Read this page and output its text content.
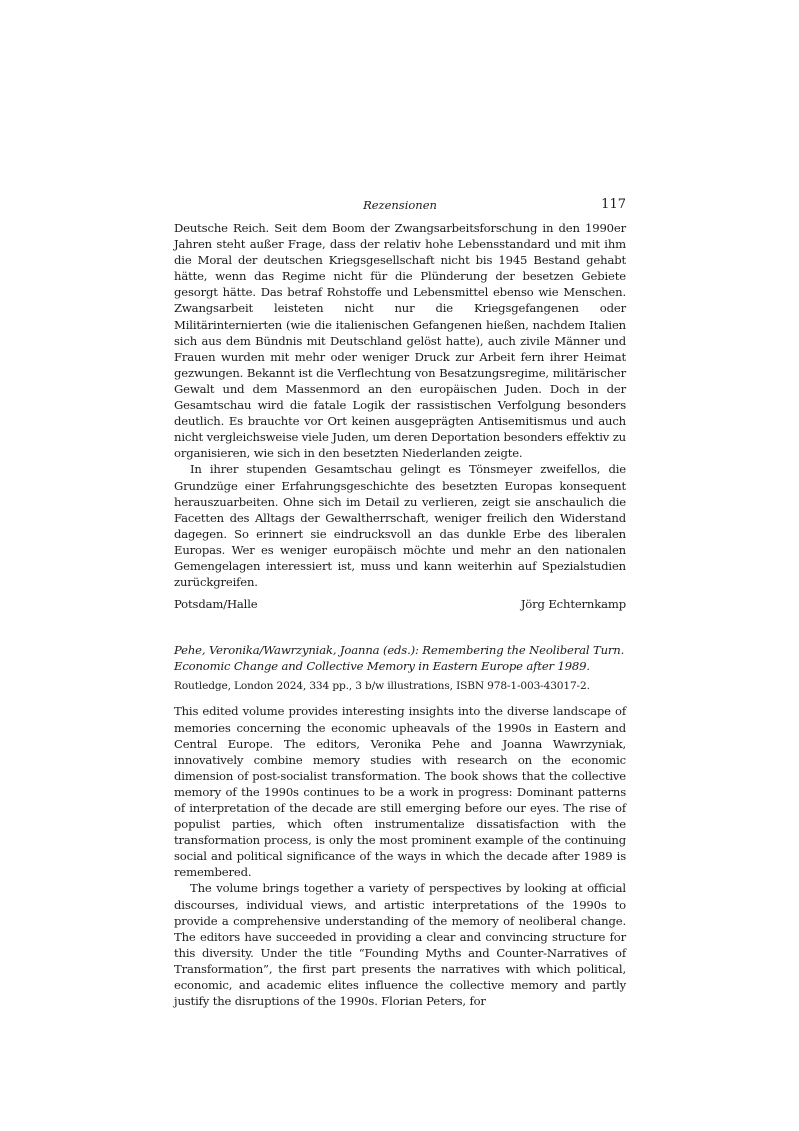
Rezensionen	117

Deutsche Reich. Seit dem Boom der Zwangsarbeitsforschung in den 1990er Jahren steht außer Frage, dass der relativ hohe Lebensstandard und mit ihm die Moral der deutschen Kriegsgesellschaft nicht bis 1945 Bestand gehabt hätte, wenn das Regime nicht für die Plünderung der besetzen Gebiete gesorgt hätte. Das betraf Rohstoffe und Lebensmittel ebenso wie Menschen. Zwangsarbeit leisteten nicht nur die Kriegsgefangenen oder Militärinternierten (wie die italienischen Gefangenen hießen, nachdem Italien sich aus dem Bündnis mit Deutschland gelöst hatte), auch zivile Männer und Frauen wurden mit mehr oder weniger Druck zur Arbeit fern ihrer Heimat gezwungen. Bekannt ist die Verflechtung von Besatzungsregime, militärischer Gewalt und dem Massenmord an den europäischen Juden. Doch in der Gesamtschau wird die fatale Logik der rassistischen Verfolgung besonders deutlich. Es brauchte vor Ort keinen ausgeprägten Antisemitismus und auch nicht vergleichsweise viele Juden, um deren Deportation besonders effektiv zu organisieren, wie sich in den besetzten Niederlanden zeigte.

In ihrer stupenden Gesamtschau gelingt es Tönsmeyer zweifellos, die Grundzüge einer Erfahrungsgeschichte des besetzten Europas konsequent herauszuarbeiten. Ohne sich im Detail zu verlieren, zeigt sie anschaulich die Facetten des Alltags der Gewaltherrschaft, weniger freilich den Widerstand dagegen. So erinnert sie eindrucksvoll an das dunkle Erbe des liberalen Europas. Wer es weniger europäisch möchte und mehr an den nationalen Gemengelagen interessiert ist, muss und kann weiterhin auf Spezialstudien zurückgreifen.

Potsdam/Halle	Jörg Echternkamp

Pehe, Veronika/Wawrzyniak, Joanna (eds.): Remembering the Neoliberal Turn. Economic Change and Collective Memory in Eastern Europe after 1989.

Routledge, London 2024, 334 pp., 3 b/w illustrations, ISBN 978-1-003-43017-2.

This edited volume provides interesting insights into the diverse landscape of memories concerning the economic upheavals of the 1990s in Eastern and Central Europe. The editors, Veronika Pehe and Joanna Wawrzyniak, innovatively combine memory studies with research on the economic dimension of post-socialist transformation. The book shows that the collective memory of the 1990s continues to be a work in progress: Dominant patterns of interpretation of the decade are still emerging before our eyes. The rise of populist parties, which often instrumentalize dissatisfaction with the transformation process, is only the most prominent example of the continuing social and political significance of the ways in which the decade after 1989 is remembered.

The volume brings together a variety of perspectives by looking at official discourses, individual views, and artistic interpretations of the 1990s to provide a comprehensive understanding of the memory of neoliberal change. The editors have succeeded in providing a clear and convincing structure for this diversity. Under the title “Founding Myths and Counter-Narratives of Transformation”, the first part presents the narratives with which political, economic, and academic elites influence the collective memory and partly justify the disruptions of the 1990s. Florian Peters, for
